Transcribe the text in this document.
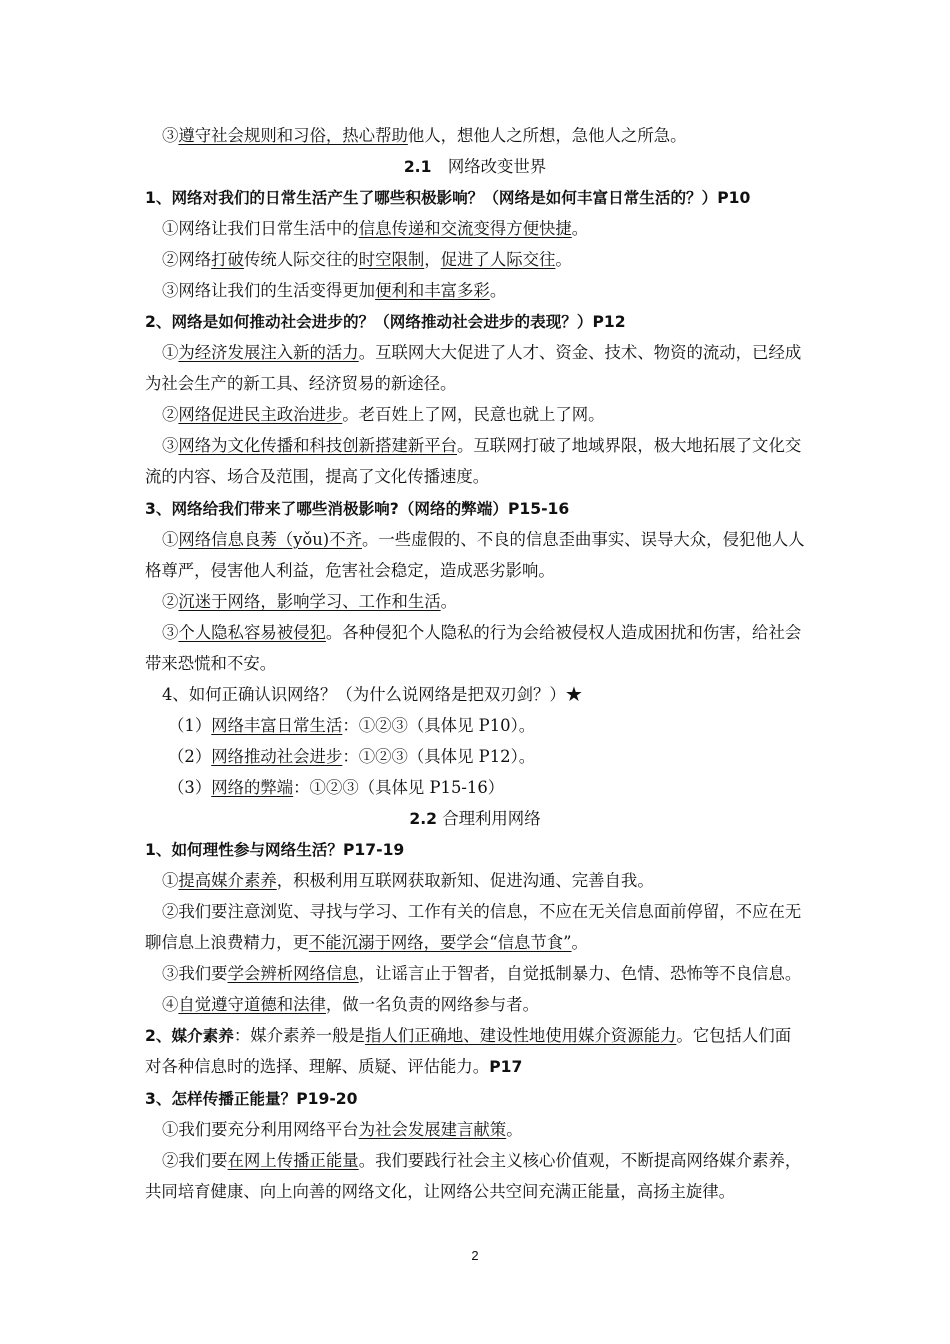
2
③遵守社会规则和习俗，热心帮助他人，想他人之所想，急他人之所急。
2.1　网络改变世界
1、网络对我们的日常生活产生了哪些积极影响？（网络是如何丰富日常生活的？）P10
①网络让我们日常生活中的信息传递和交流变得方便快捷。
②网络打破传统人际交往的时空限制，促进了人际交往。
③网络让我们的生活变得更加便利和丰富多彩。
2、网络是如何推动社会进步的？（网络推动社会进步的表现？）P12
①为经济发展注入新的活力。互联网大大促进了人才、资金、技术、物资的流动，已经成
为社会生产的新工具、经济贸易的新途径。
②网络促进民主政治进步。老百姓上了网，民意也就上了网。
③网络为文化传播和科技创新搭建新平台。互联网打破了地域界限，极大地拓展了文化交
流的内容、场合及范围，提高了文化传播速度。
3、网络给我们带来了哪些消极影响?（网络的弊端）P15-16
①网络信息良莠（yǒu)不齐。一些虚假的、不良的信息歪曲事实、误导大众，侵犯他人人
格尊严，侵害他人利益，危害社会稳定，造成恶劣影响。
②沉迷于网络，影响学习、工作和生活。
③个人隐私容易被侵犯。各种侵犯个人隐私的行为会给被侵权人造成困扰和伤害，给社会
带来恐慌和不安。
4、如何正确认识网络？（为什么说网络是把双刃剑？）★
（1）网络丰富日常生活：①②③（具体见 P10）。
（2）网络推动社会进步：①②③（具体见 P12）。
（3）网络的弊端：①②③（具体见 P15-16）
2.2 合理利用网络
1、如何理性参与网络生活？P17-19
①提高媒介素养，积极利用互联网获取新知、促进沟通、完善自我。
②我们要注意浏览、寻找与学习、工作有关的信息，不应在无关信息面前停留，不应在无
聊信息上浪费精力，更不能沉溺于网络，要学会“信息节食”。
③我们要学会辨析网络信息，让谣言止于智者，自觉抵制暴力、色情、恐怖等不良信息。
④自觉遵守道德和法律，做一名负责的网络参与者。
2、媒介素养：媒介素养一般是指人们正确地、建设性地使用媒介资源能力。它包括人们面
对各种信息时的选择、理解、质疑、评估能力。P17
3、怎样传播正能量？P19-20
①我们要充分利用网络平台为社会发展建言献策。
②我们要在网上传播正能量。我们要践行社会主义核心价值观，不断提高网络媒介素养，
共同培育健康、向上向善的网络文化，让网络公共空间充满正能量，高扬主旋律。
